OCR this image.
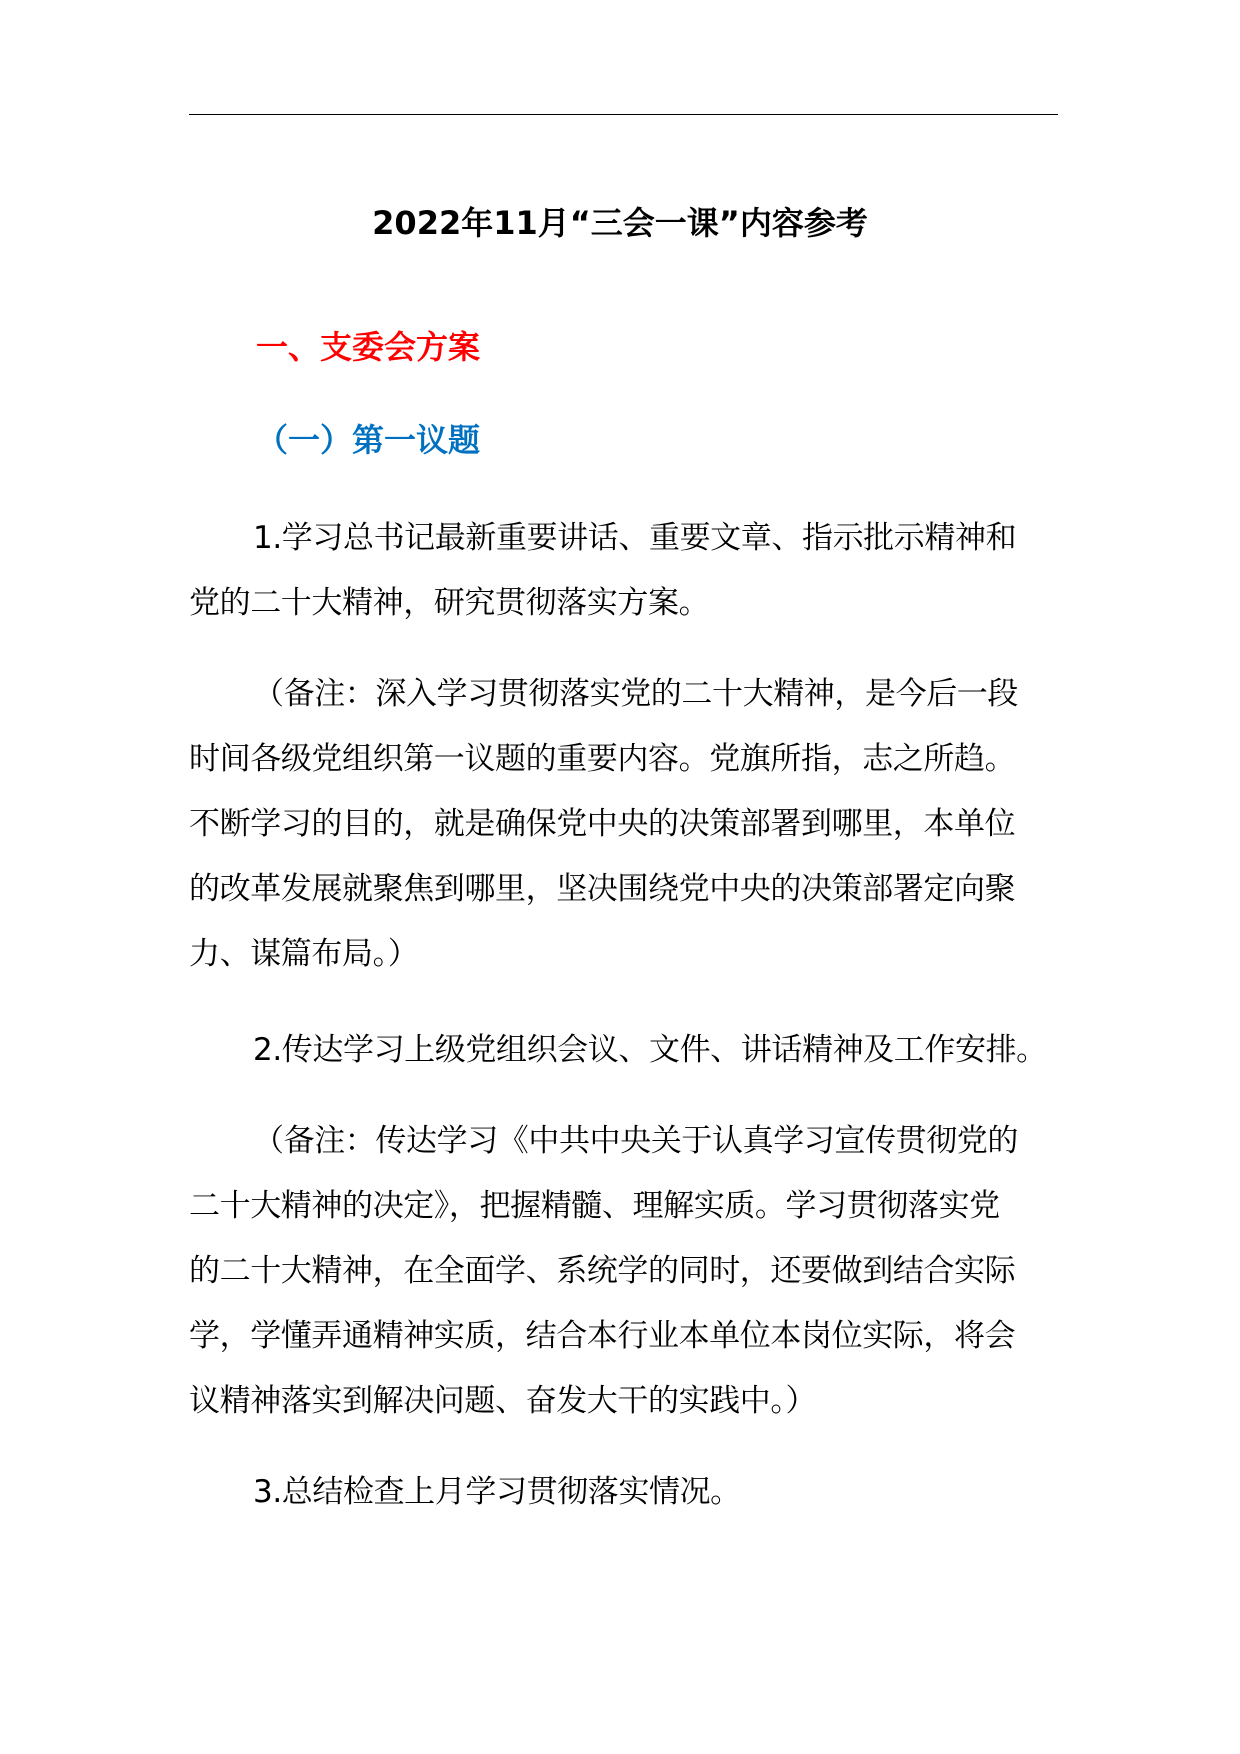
2022年11月“三会一课”内容参考
一、支委会方案
（一）第一议题

1.学习总书记最新重要讲话、重要文章、指示批示精神和
党的二十大精神，研究贯彻落实方案。

（备注：深入学习贯彻落实党的二十大精神，是今后一段
时间各级党组织第一议题的重要内容。党旗所指，志之所趋。
不断学习的目的，就是确保党中央的决策部署到哪里，本单位
的改革发展就聚焦到哪里，坚决围绕党中央的决策部署定向聚
力、谋篇布局。）

2.传达学习上级党组织会议、文件、讲话精神及工作安排。

（备注：传达学习《中共中央关于认真学习宣传贯彻党的
二十大精神的决定》，把握精髓、理解实质。学习贯彻落实党
的二十大精神，在全面学、系统学的同时，还要做到结合实际
学，学懂弄通精神实质，结合本行业本单位本岗位实际，将会
议精神落实到解决问题、奋发大干的实践中。）

3.总结检查上月学习贯彻落实情况。
